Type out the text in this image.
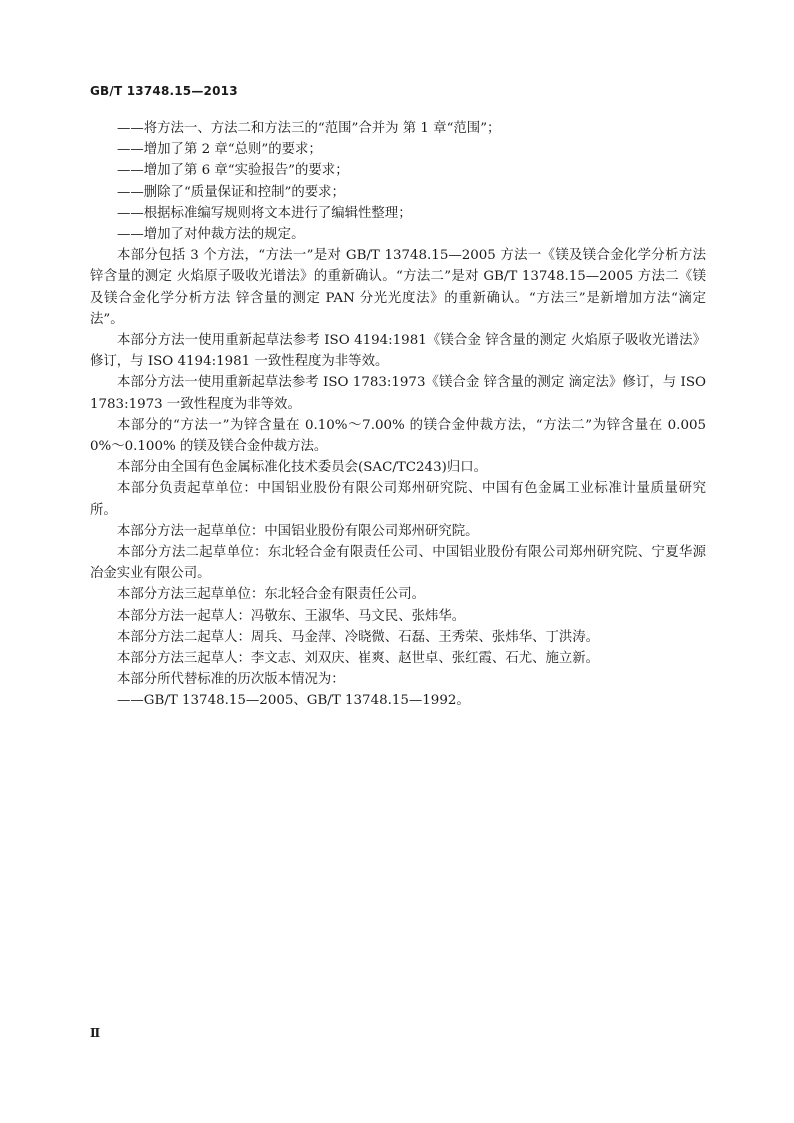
GB/T 13748.15—2013
——将方法一、方法二和方法三的“范围”合并为 第 1 章“范围”；
——增加了第 2 章“总则”的要求；
——增加了第 6 章“实验报告”的要求；
——删除了“质量保证和控制”的要求；
——根据标准编写规则将文本进行了编辑性整理；
——增加了对仲裁方法的规定。

本部分包括 3 个方法，“方法一”是对 GB/T 13748.15—2005 方法一《镁及镁合金化学分析方法 锌含量的测定 火焰原子吸收光谱法》的重新确认。“方法二”是对 GB/T 13748.15—2005 方法二《镁及镁合金化学分析方法 锌含量的测定 PAN 分光光度法》的重新确认。“方法三”是新增加方法“滴定法”。

本部分方法一使用重新起草法参考 ISO 4194:1981《镁合金 锌含量的测定 火焰原子吸收光谱法》修订，与 ISO 4194:1981 一致性程度为非等效。

本部分方法一使用重新起草法参考 ISO 1783:1973《镁合金 锌含量的测定 滴定法》修订，与 ISO 1783:1973 一致性程度为非等效。

本部分的“方法一”为锌含量在 0.10%～7.00% 的镁合金仲裁方法，“方法二”为锌含量在 0.005 0%～0.100% 的镁及镁合金仲裁方法。

本部分由全国有色金属标准化技术委员会(SAC/TC243)归口。

本部分负责起草单位：中国铝业股份有限公司郑州研究院、中国有色金属工业标准计量质量研究所。

本部分方法一起草单位：中国铝业股份有限公司郑州研究院。

本部分方法二起草单位：东北轻合金有限责任公司、中国铝业股份有限公司郑州研究院、宁夏华源冶金实业有限公司。

本部分方法三起草单位：东北轻合金有限责任公司。

本部分方法一起草人：冯敬东、王淑华、马文民、张炜华。

本部分方法二起草人：周兵、马金萍、冷晓微、石磊、王秀荣、张炜华、丁洪涛。

本部分方法三起草人：李文志、刘双庆、崔爽、赵世卓、张红霞、石尤、施立新。

本部分所代替标准的历次版本情况为：

——GB/T 13748.15—2005、GB/T 13748.15—1992。
Ⅱ
